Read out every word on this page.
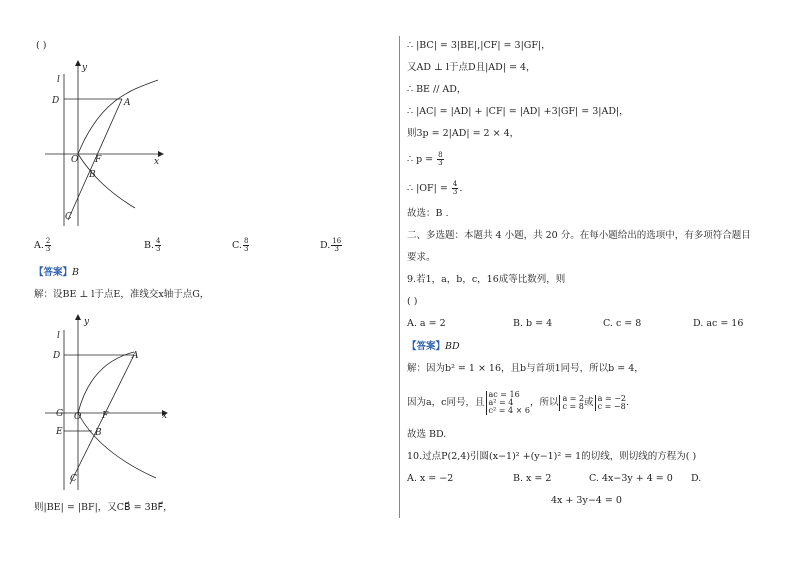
( )
l
y
x
D	A
O F
B
C
A. $\frac{2}{3}$	B. $\frac{4}{3}$	C. $\frac{8}{3}$	D. $\frac{16}{3}$
【答案】B
解：设BE ⊥ l于点E，准线交x轴于点G，
l
y
x
D	A
G O F
E	B
C
则|BE| = |BF|，又CB⃗ = 3BF⃗，
∴ |BC| = 3|BE|,|CF| = 3|GF|，
又AD ⊥ l于点D且|AD| = 4，
∴ BE // AD，
∴ |AC| = |AD| + |CF| = |AD| +3|GF| = 3|AD|，
则3p = 2|AD| = 2 × 4，
∴ $p = \frac{8}{3}$
∴ $|OF| = \frac{4}{3}$ .
故选：B .
二、多选题：本题共 4 小题，共 20 分。在每小题给出的选项中，有多项符合题目
要求。
9.若1，a，b，c，16成等比数列，则
( )
A. a = 2	B. b = 4	C. c = 8	D. ac = 16
【答案】BD
解：因为b² = 1 × 16，且b与首项1同号，所以b = 4，
因为a，c同号，且
ac = 16
a² = 4
c² = 4 × 6
，所以 a = 2
c = 8 或 a = −2
c = −8 .
故选 BD.
10.过点P(2,4)引圆(x−1)² +(y−1)² = 1的切线，则切线的方程为( )
A. x = −2	B. x = 2	C. 4x−3y + 4 = 0 D.
4x + 3y−4 = 0
